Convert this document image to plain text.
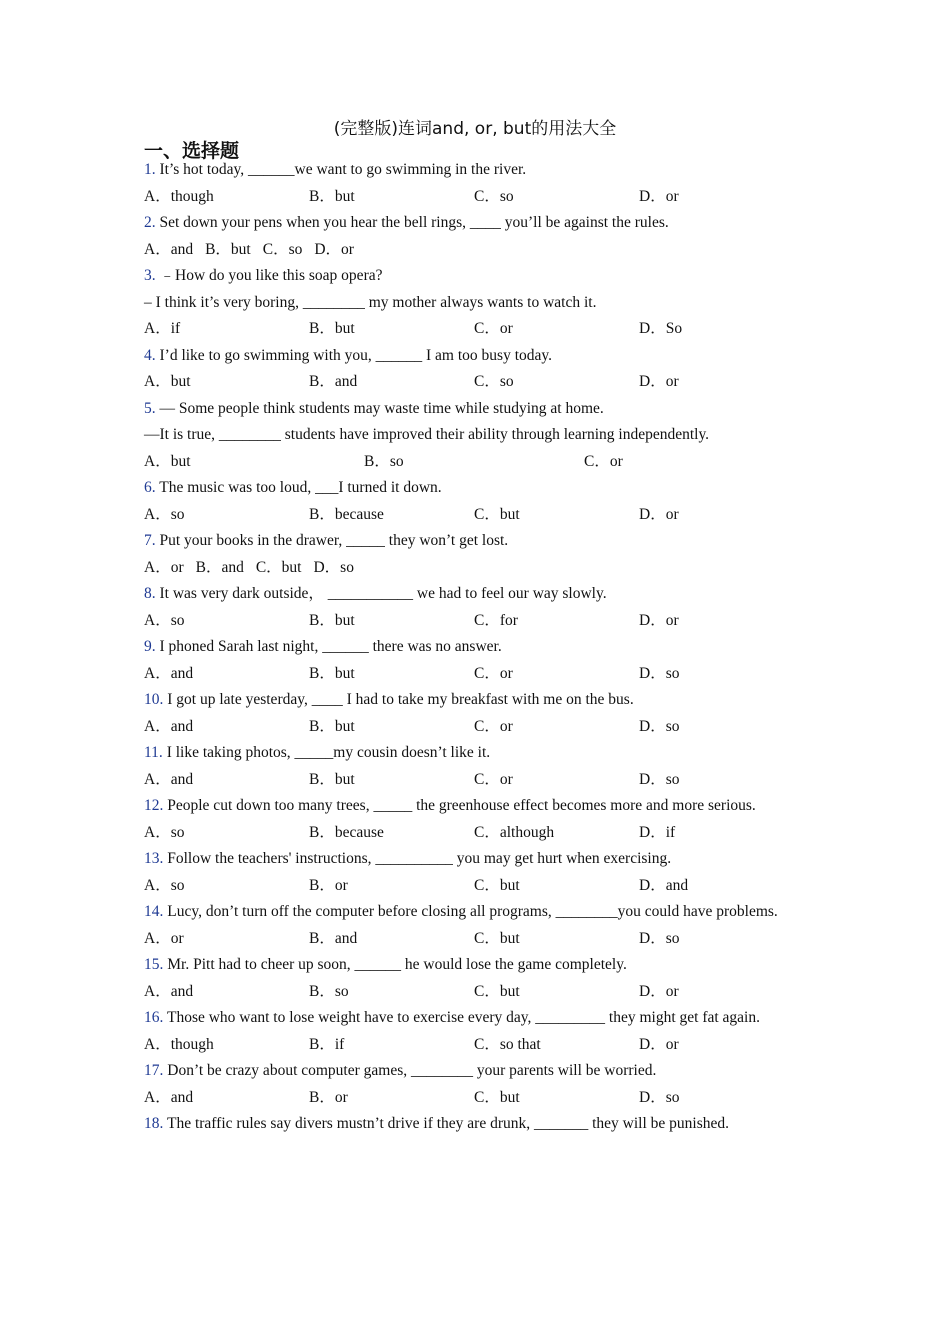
(完整版)连词and, or, but的用法大全
一、选择题

1. It’s hot today, ______we want to go swimming in the river.

A．though	B．but	C．so	D．or

2. Set down your pens when you hear the bell rings, ____ you’ll be against the rules.

A．and B．but C．so D．or

3. ﹣How do you like this soap opera?

– I think it’s very boring, ________ my mother always wants to watch it.

A．if	B．but	C．or	D．So

4. I’d like to go swimming with you, ______ I am too busy today.

A．but	B．and	C．so	D．or

5. — Some people think students may waste time while studying at home.

—It is true, ________ students have improved their ability through learning independently.

A．but	B．so	C．or

6. The music was too loud, ___I turned it down.

A．so	B．because	C．but	D．or

7. Put your books in the drawer, _____ they won’t get lost.

A．or B．and C．but D．so

8. It was very dark outside， ___________ we had to feel our way slowly.

A．so	B．but	C．for	D．or

9. I phoned Sarah last night, ______ there was no answer.

A．and	B．but	C．or	D．so

10. I got up late yesterday, ____ I had to take my breakfast with me on the bus.

A．and	B．but	C．or	D．so

11. I like taking photos, _____my cousin doesn’t like it.

A．and	B．but	C．or	D．so

12. People cut down too many trees, _____ the greenhouse effect becomes more and more serious.

A．so	B．because	C．although	D．if

13. Follow the teachers' instructions, __________ you may get hurt when exercising.

A．so	B．or	C．but	D．and

14. Lucy, don’t turn off the computer before closing all programs, ________you could have problems.

A．or	B．and	C．but	D．so

15. Mr. Pitt had to cheer up soon, ______ he would lose the game completely.

A．and	B．so	C．but	D．or

16. Those who want to lose weight have to exercise every day, _________ they might get fat again.

A．though	B．if	C．so that	D．or

17. Don’t be crazy about computer games, ________ your parents will be worried.

A．and	B．or	C．but	D．so

18. The traffic rules say divers mustn’t drive if they are drunk, _______ they will be punished.
